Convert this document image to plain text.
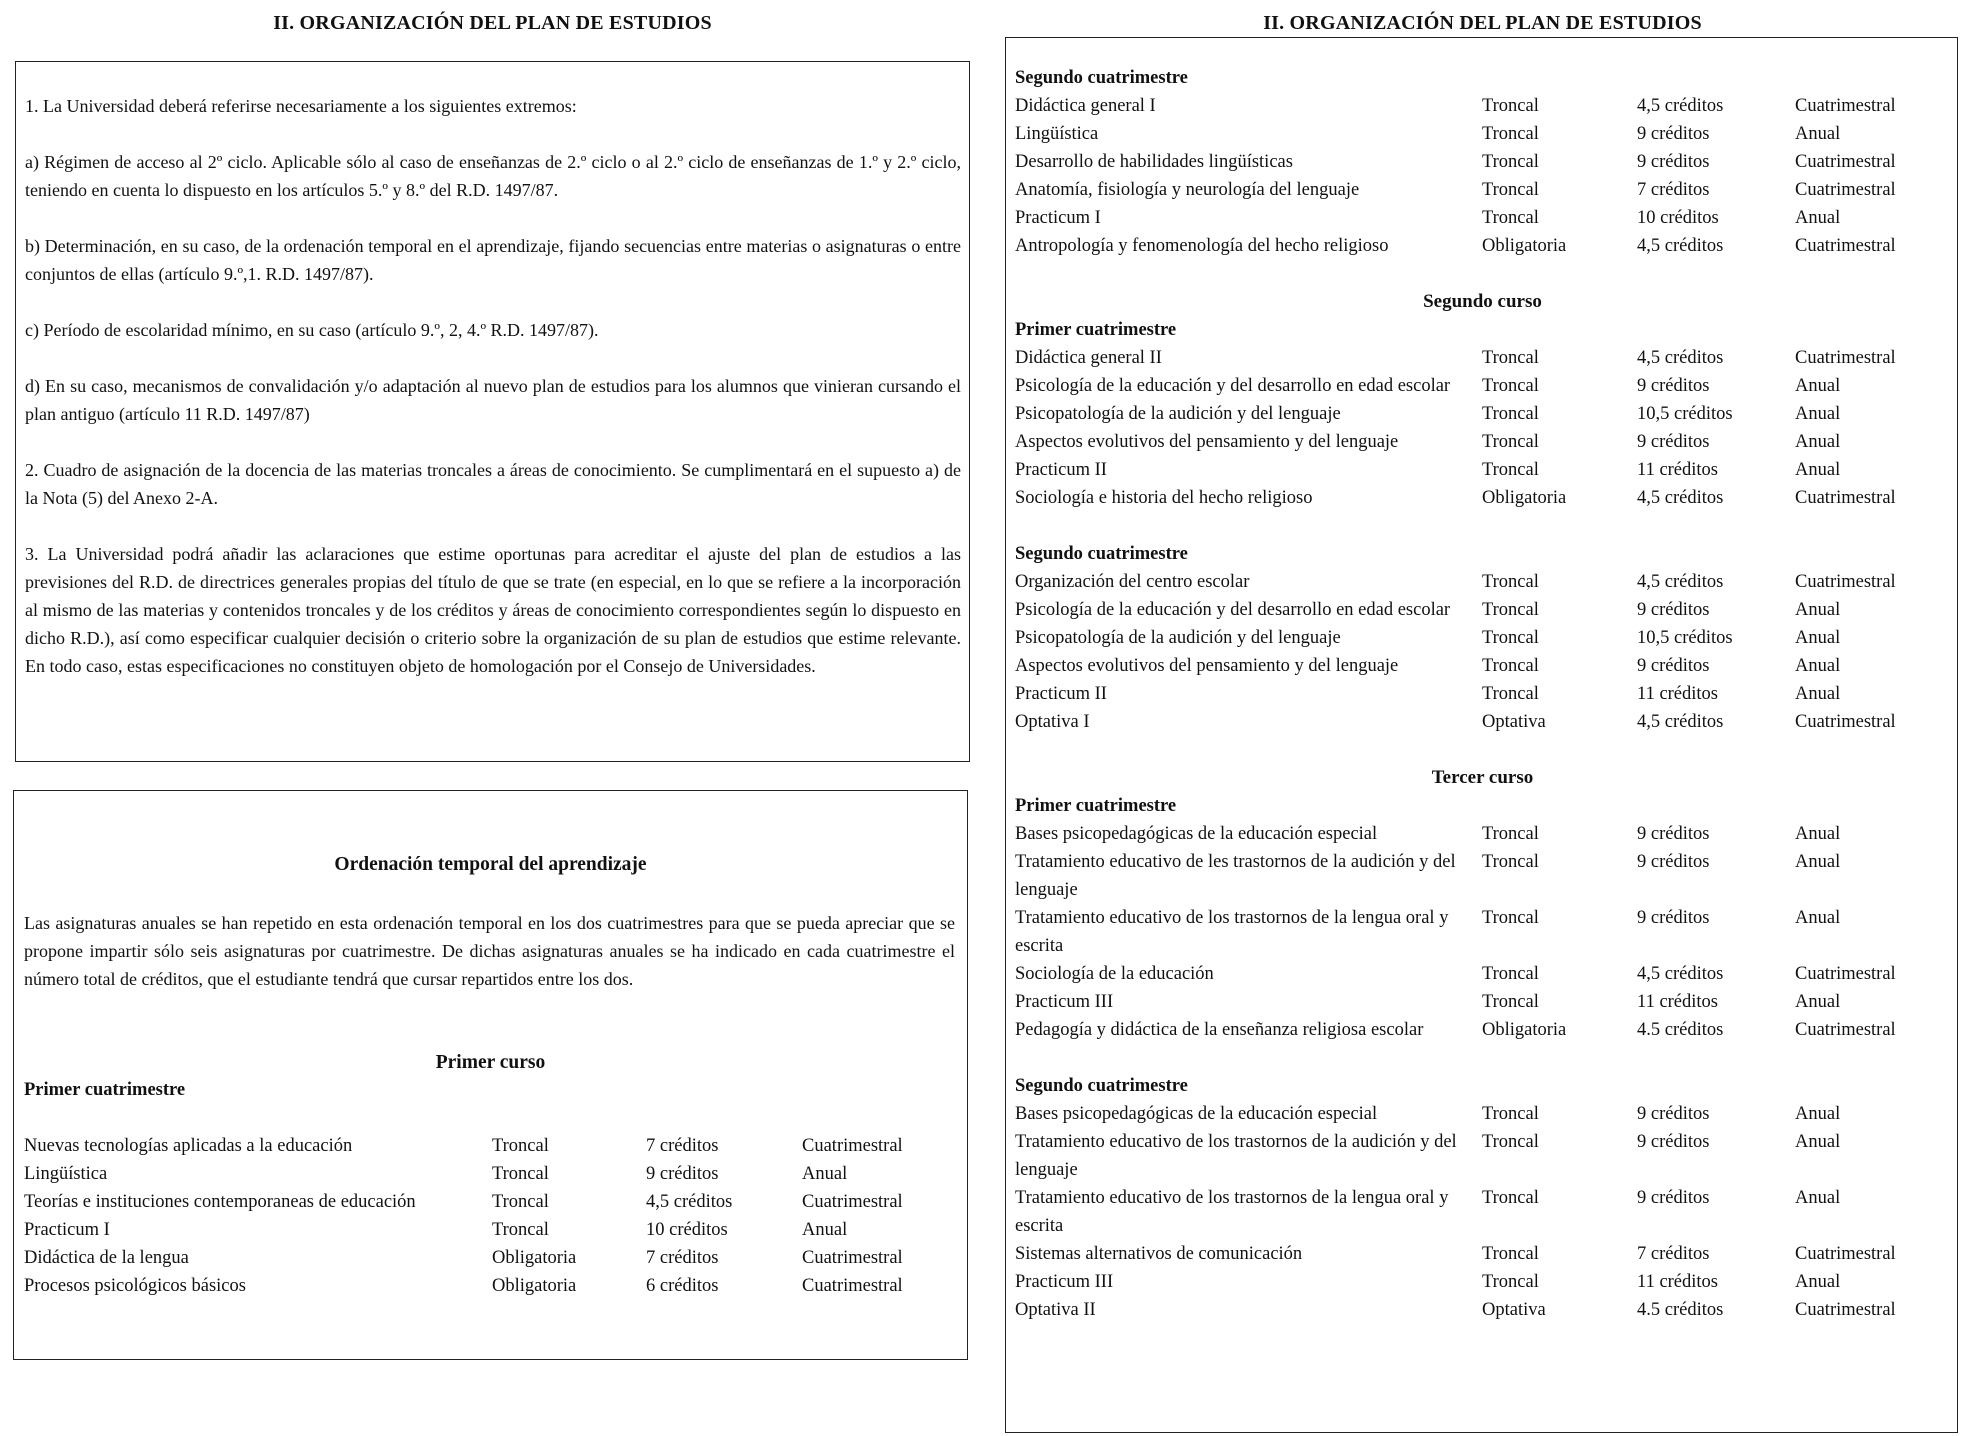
II. ORGANIZACIÓN DEL PLAN DE ESTUDIOS

1. La Universidad deberá referirse necesariamente a los siguientes extremos:

a) Régimen de acceso al 2º ciclo. Aplicable sólo al caso de enseñanzas de 2.º ciclo o al 2.º ciclo de enseñanzas de 1.º y 2.º ciclo, teniendo en cuenta lo dispuesto en los artículos 5.º y 8.º del R.D. 1497/87.

b) Determinación, en su caso, de la ordenación temporal en el aprendizaje, fijando secuencias entre materias o asignaturas o entre conjuntos de ellas (artículo 9.º,1. R.D. 1497/87).

c) Período de escolaridad mínimo, en su caso (artículo 9.º, 2, 4.º R.D. 1497/87).

d) En su caso, mecanismos de convalidación y/o adaptación al nuevo plan de estudios para los alumnos que vinieran cursando el plan antiguo (artículo 11 R.D. 1497/87)

2. Cuadro de asignación de la docencia de las materias troncales a áreas de conocimiento. Se cumplimentará en el supuesto a) de la Nota (5) del Anexo 2-A.

3. La Universidad podrá añadir las aclaraciones que estime oportunas para acreditar el ajuste del plan de estudios a las previsiones del R.D. de directrices generales propias del título de que se trate (en especial, en lo que se refiere a la incorporación al mismo de las materias y contenidos troncales y de los créditos y áreas de conocimiento correspondientes según lo dispuesto en dicho R.D.), así como especificar cualquier decisión o criterio sobre la organización de su plan de estudios que estime relevante. En todo caso, estas especificaciones no constituyen objeto de homologación por el Consejo de Universidades.

Ordenación temporal del aprendizaje

Las asignaturas anuales se han repetido en esta ordenación temporal en los dos cuatrimestres para que se pueda apreciar que se propone impartir sólo seis asignaturas por cuatrimestre. De dichas asignaturas anuales se ha indicado en cada cuatrimestre el número total de créditos, que el estudiante tendrá que cursar repartidos entre los dos.

Primer curso
Primer cuatrimestre
Nuevas tecnologías aplicadas a la educación	Troncal	7 créditos	Cuatrimestral
Lingüística	Troncal	9 créditos	Anual
Teorías e instituciones contemporaneas de educación	Troncal	4,5 créditos	Cuatrimestral
Practicum I	Troncal	10 créditos	Anual
Didáctica de la lengua	Obligatoria	7 créditos	Cuatrimestral
Procesos psicológicos básicos	Obligatoria	6 créditos	Cuatrimestral
II. ORGANIZACIÓN DEL PLAN DE ESTUDIOS
Segundo cuatrimestre
Didáctica general I	Troncal	4,5 créditos	Cuatrimestral
Lingüística	Troncal	9 créditos	Anual
Desarrollo de habilidades lingüísticas	Troncal	9 créditos	Cuatrimestral
Anatomía, fisiología y neurología del lenguaje	Troncal	7 créditos	Cuatrimestral
Practicum I	Troncal	10 créditos	Anual
Antropología y fenomenología del hecho religioso	Obligatoria	4,5 créditos	Cuatrimestral
Segundo curso
Primer cuatrimestre
Didáctica general II	Troncal	4,5 créditos	Cuatrimestral
Psicología de la educación y del desarrollo en edad escolar	Troncal	9 créditos	Anual
Psicopatología de la audición y del lenguaje	Troncal	10,5 créditos	Anual
Aspectos evolutivos del pensamiento y del lenguaje	Troncal	9 créditos	Anual
Practicum II	Troncal	11 créditos	Anual
Sociología e historia del hecho religioso	Obligatoria	4,5 créditos	Cuatrimestral
Segundo cuatrimestre
Organización del centro escolar	Troncal	4,5 créditos	Cuatrimestral
Psicología de la educación y del desarrollo en edad escolar	Troncal	9 créditos	Anual
Psicopatología de la audición y del lenguaje	Troncal	10,5 créditos	Anual
Aspectos evolutivos del pensamiento y del lenguaje	Troncal	9 créditos	Anual
Practicum II	Troncal	11 créditos	Anual
Optativa I	Optativa	4,5 créditos	Cuatrimestral
Tercer curso
Primer cuatrimestre
Bases psicopedagógicas de la educación especial	Troncal	9 créditos	Anual
Tratamiento educativo de les trastornos de la audición y del lenguaje
Troncal	9 créditos	Anual
Tratamiento educativo de los trastornos de la lengua oral y escrita
Troncal	9 créditos	Anual
Sociología de la educación	Troncal	4,5 créditos	Cuatrimestral
Practicum III	Troncal	11 créditos	Anual
Pedagogía y didáctica de la enseñanza religiosa escolar	Obligatoria	4.5 créditos	Cuatrimestral
Segundo cuatrimestre
Bases psicopedagógicas de la educación especial	Troncal	9 créditos	Anual
Tratamiento educativo de los trastornos de la audición y del lenguaje
Troncal	9 créditos	Anual
Tratamiento educativo de los trastornos de la lengua oral y escrita
Troncal	9 créditos	Anual
Sistemas alternativos de comunicación	Troncal	7 créditos	Cuatrimestral
Practicum III	Troncal	11 créditos	Anual
Optativa II	Optativa	4.5 créditos	Cuatrimestral
